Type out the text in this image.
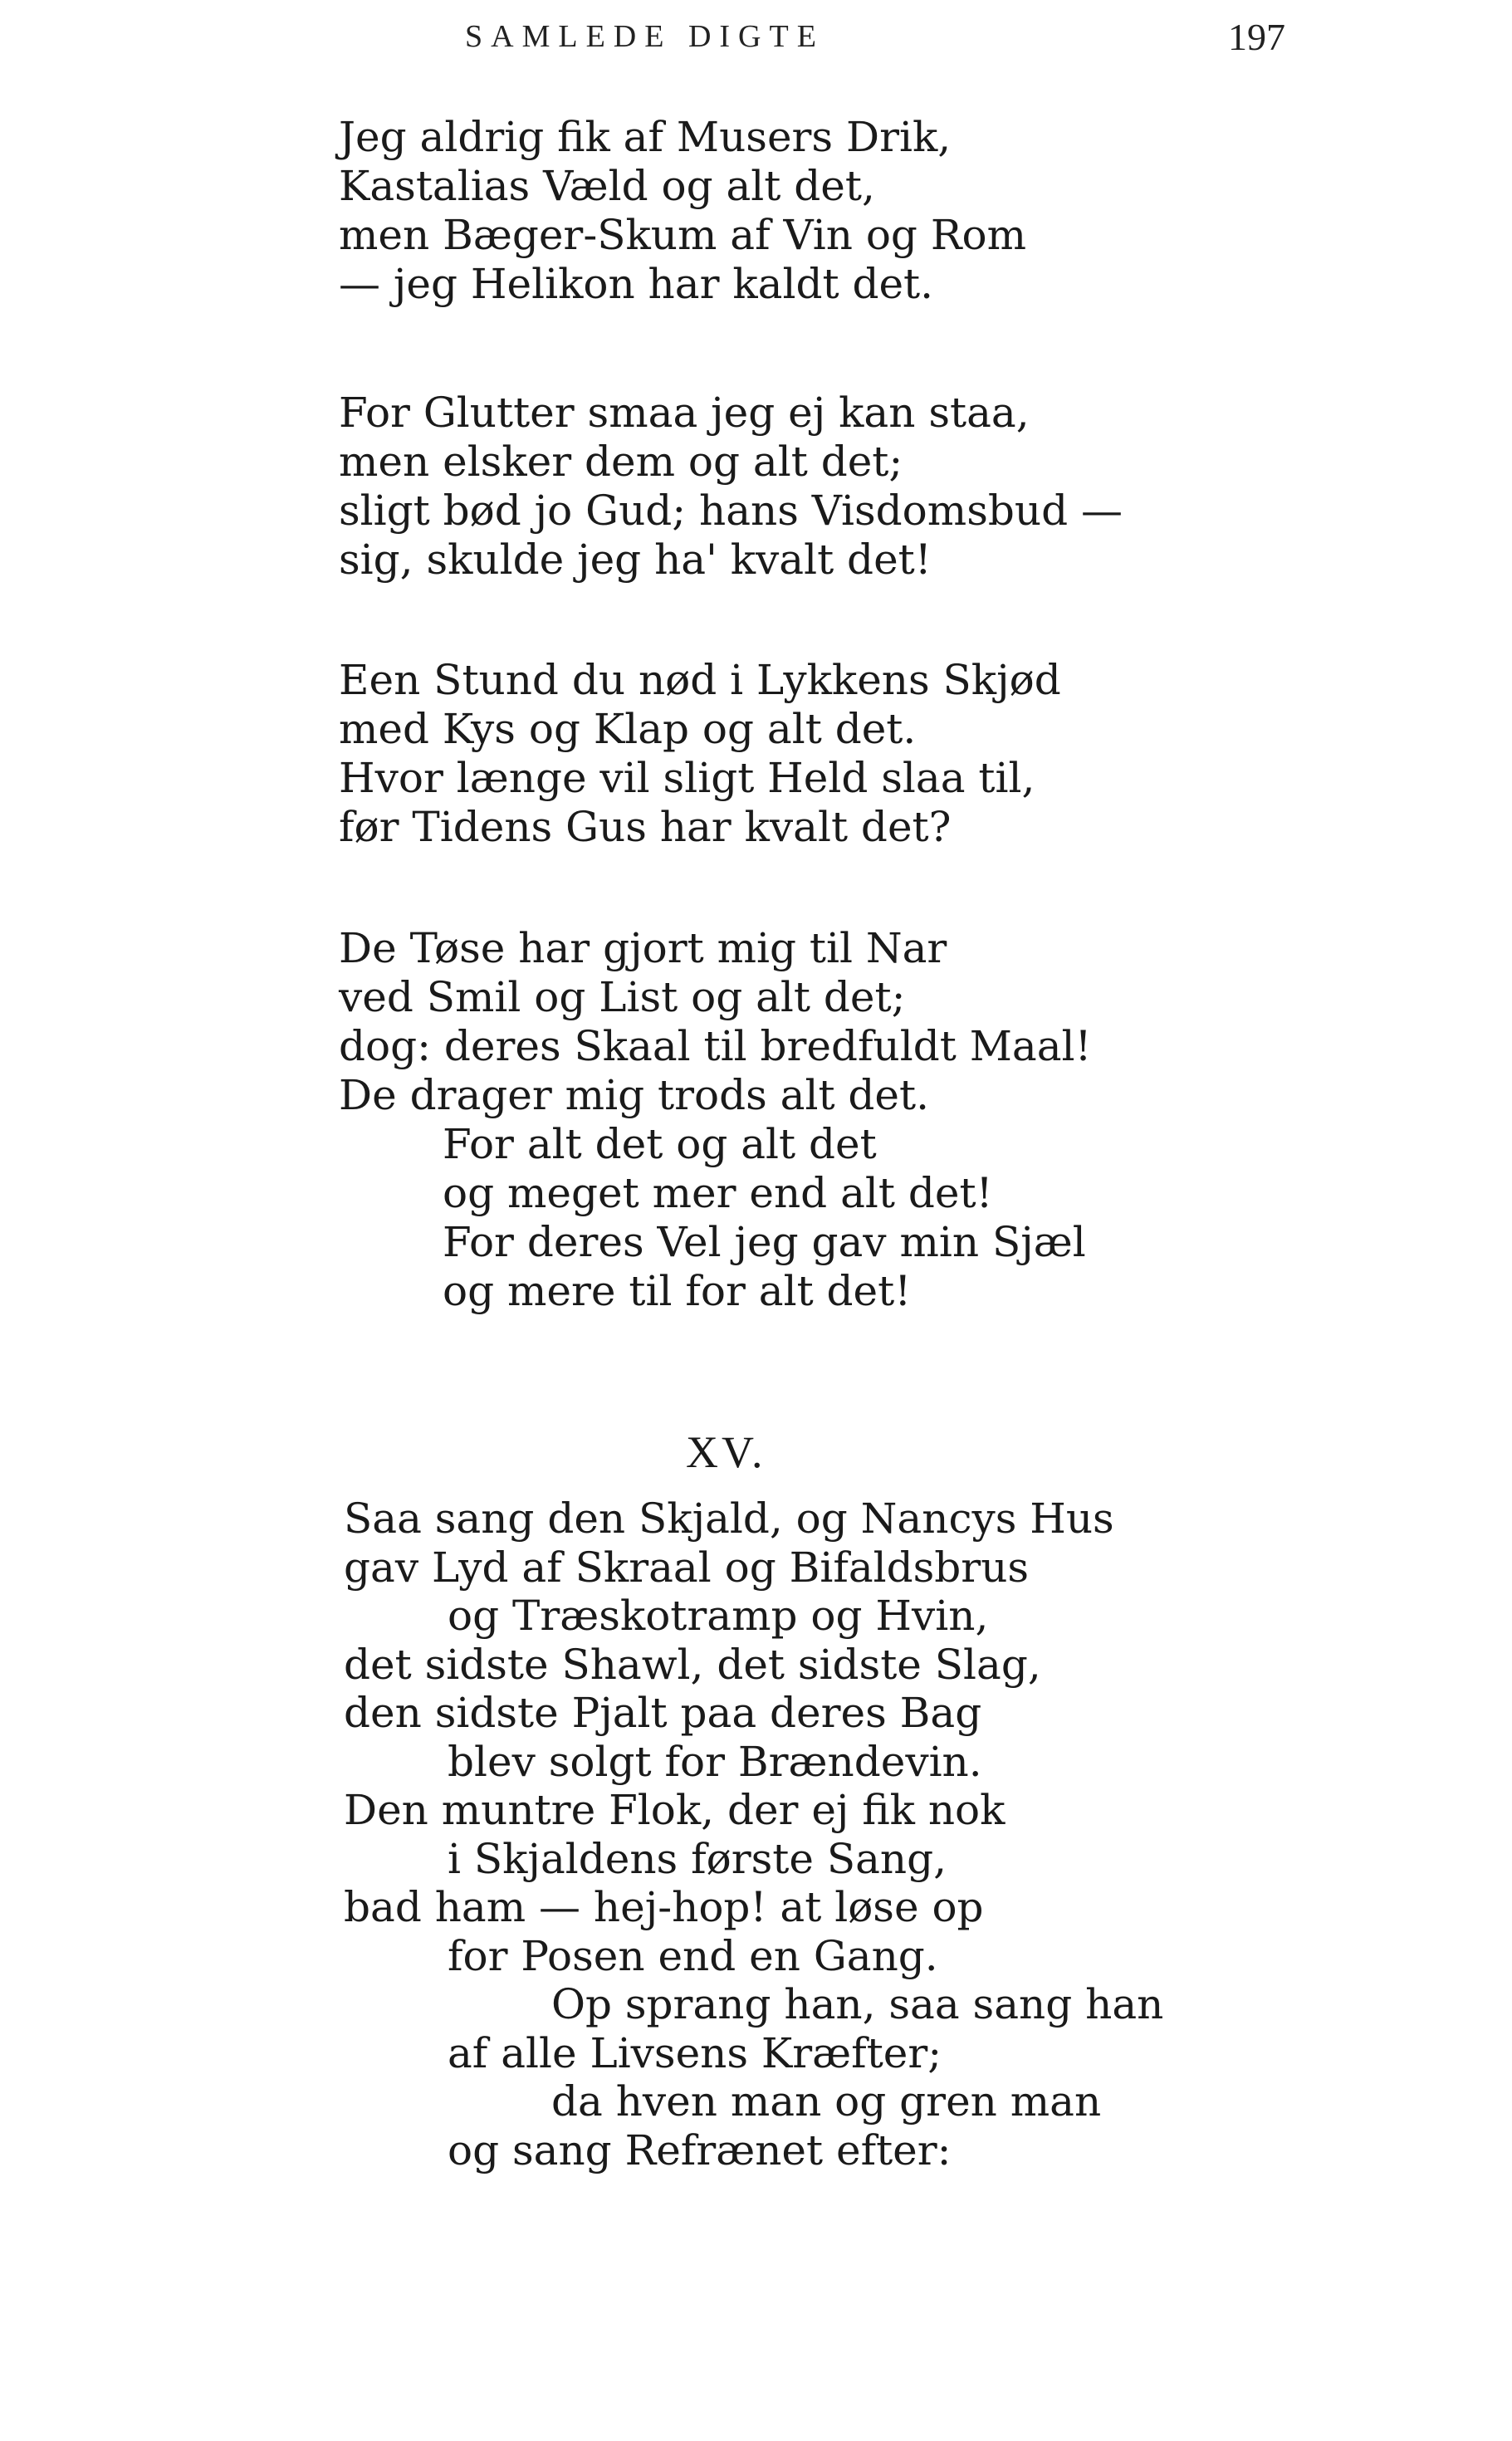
SAMLEDE DIGTE	197
Jeg aldrig fik af Musers Drik,
Kastalias Væld og alt det,
men Bæger-Skum af Vin og Rom
— jeg Helikon har kaldt det.
For Glutter smaa jeg ej kan staa,
men elsker dem og alt det;
sligt bød jo Gud; hans Visdomsbud —
sig, skulde jeg ha' kvalt det!
Een Stund du nød i Lykkens Skjød
med Kys og Klap og alt det.
Hvor længe vil sligt Held slaa til,
før Tidens Gus har kvalt det?
De Tøse har gjort mig til Nar
ved Smil og List og alt det;
dog: deres Skaal til bredfuldt Maal!
De drager mig trods alt det.
For alt det og alt det
og meget mer end alt det!
For deres Vel jeg gav min Sjæl
og mere til for alt det!
XV.
Saa sang den Skjald, og Nancys Hus
gav Lyd af Skraal og Bifaldsbrus
og Træskotramp og Hvin,
det sidste Shawl, det sidste Slag,
den sidste Pjalt paa deres Bag
blev solgt for Brændevin.
Den muntre Flok, der ej fik nok
i Skjaldens første Sang,
bad ham — hej-hop! at løse op
for Posen end en Gang.
Op sprang han, saa sang han
af alle Livsens Kræfter;
da hven man og gren man
og sang Refrænet efter:
